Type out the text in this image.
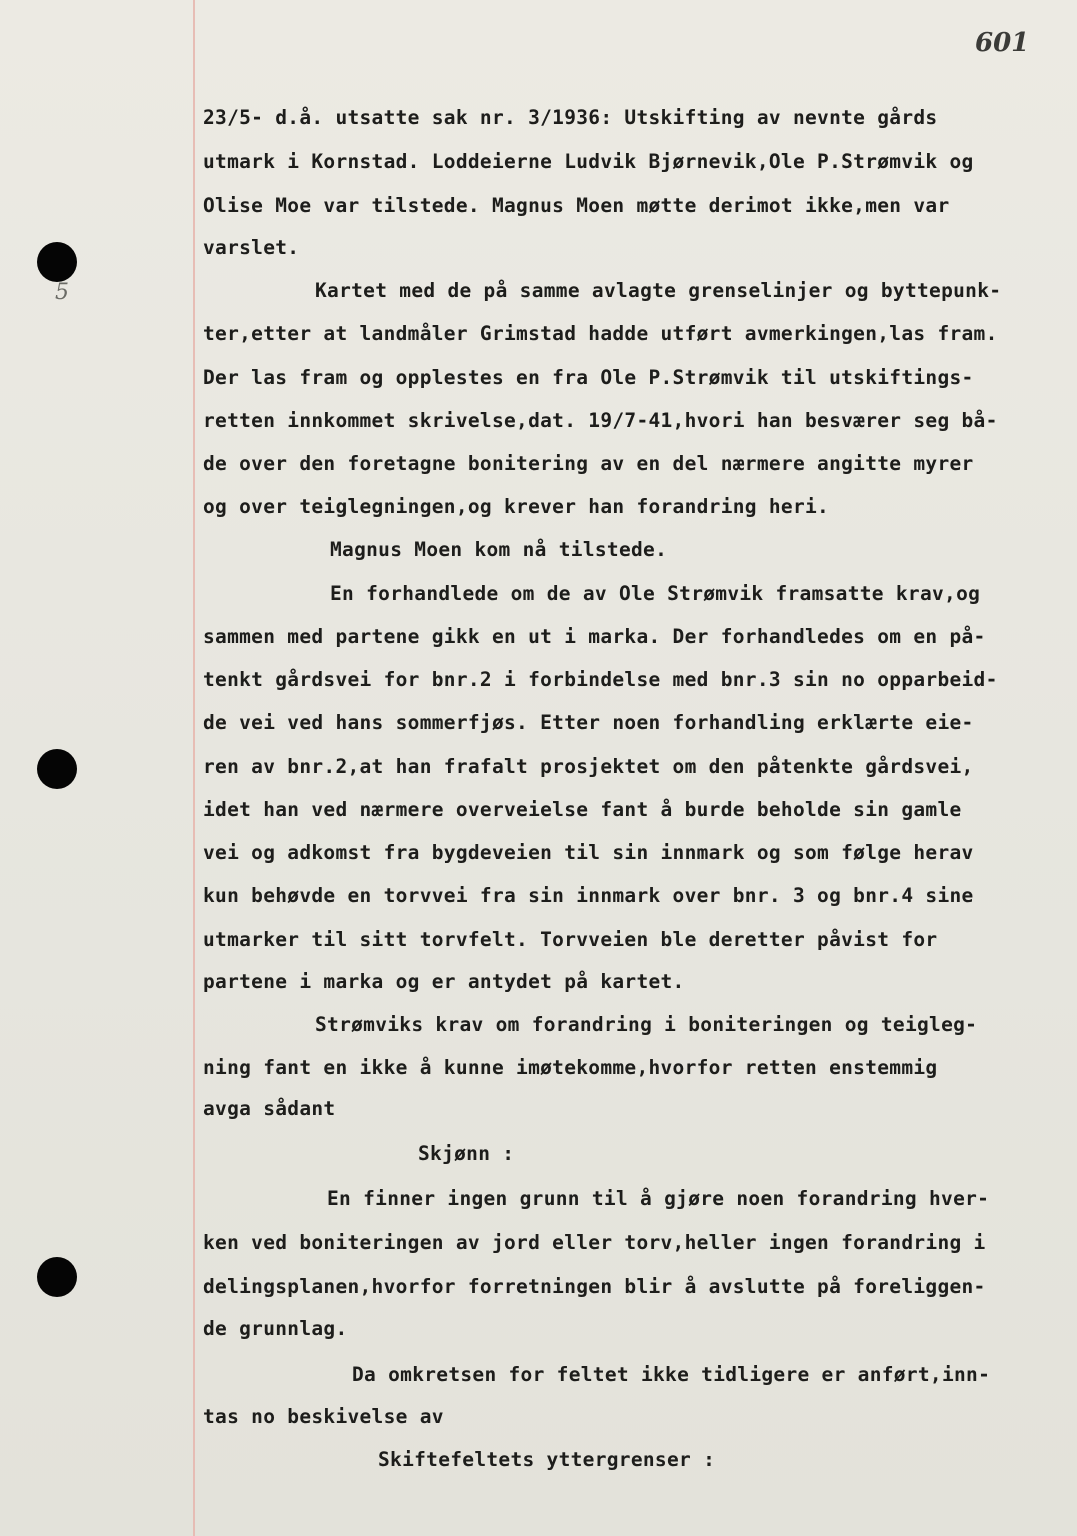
5
601
23/5- d.å. utsatte sak nr. 3/1936: Utskifting av nevnte gårds
utmark i Kornstad. Loddeierne Ludvik Bjørnevik,Ole P.Strømvik og
Olise Moe var tilstede. Magnus Moen møtte derimot ikke,men var
varslet.
Kartet med de på samme avlagte grenselinjer og byttepunk-
ter,etter at landmåler Grimstad hadde utført avmerkingen,las fram.
Der las fram og opplestes en fra Ole P.Strømvik til utskiftings-
retten innkommet skrivelse,dat. 19/7-41,hvori han besværer seg bå-
de over den foretagne bonitering av en del nærmere angitte myrer
og over teiglegningen,og krever han forandring heri.
Magnus Moen kom nå tilstede.
En forhandlede om de av Ole Strømvik framsatte krav,og
sammen med partene gikk en ut i marka. Der forhandledes om en på-
tenkt gårdsvei for bnr.2 i forbindelse med bnr.3 sin no opparbeid-
de vei ved hans sommerfjøs. Etter noen forhandling erklærte eie-
ren av bnr.2,at han frafalt prosjektet om den påtenkte gårdsvei,
idet han ved nærmere overveielse fant å burde beholde sin gamle
vei og adkomst fra bygdeveien til sin innmark og som følge herav
kun behøvde en torvvei fra sin innmark over bnr. 3 og bnr.4 sine
utmarker til sitt torvfelt. Torvveien ble deretter påvist for
partene i marka og er antydet på kartet.
Strømviks krav om forandring i boniteringen og teigleg-
ning fant en ikke å kunne imøtekomme,hvorfor retten enstemmig
avga sådant
Skjønn :
En finner ingen grunn til å gjøre noen forandring hver-
ken ved boniteringen av jord eller torv,heller ingen forandring i
delingsplanen,hvorfor forretningen blir å avslutte på foreliggen-
de grunnlag.
Da omkretsen for feltet ikke tidligere er anført,inn-
tas no beskivelse av
Skiftefeltets yttergrenser :
